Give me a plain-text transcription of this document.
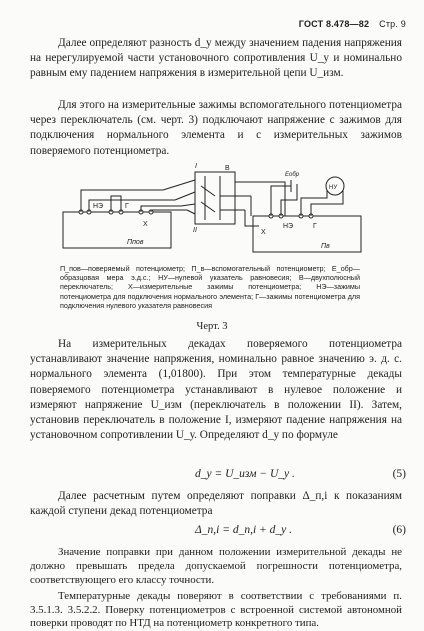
ГОСТ 8.478—82 Стр. 9
Далее определяют разность d_у между значением падения напряжения на нерегулируемой части установочного сопротивления U_у и номинально равным ему падением напряжения в измерительной цепи U_изм.
Для этого на измерительные зажимы вспомогательного потенциометра через переключатель (см. черт. 3) подключают напряжение с зажимов для подключения нормального элемента и с измерительных зажимов поверяемого потенциометра.
НЭ	Г
Х
Ппов
Х
НЭ	Г
Пв
НУ
Еобр
В
I
II
П_пов—поверяемый потенциометр; П_в—вспомогательный потенциометр; Е_обр—образцовая мера э.д.с.; НУ—нулевой указатель равновесия; В—двухполюсный переключатель; Х—измерительные зажимы потенциометра; НЭ—зажимы потенциометра для подключения нормального элемента; Г—зажимы потенциометра для подключения нулевого указателя равновесия
Черт. 3
На измерительных декадах поверяемого потенциометра устанавливают значение напряжения, номинально равное значению э. д. с. нормального элемента (1,01800). При этом температурные декады поверяемого потенциометра устанавливают в нулевое положение и измеряют напряжение U_изм (переключатель в положении II). Затем, установив переключатель в положение I, измеряют падение напряжения на установочном сопротивлении U_у. Определяют d_у по формуле
d_у = U_изм − U_у .	(5)
Далее расчетным путем определяют поправки Δ_п,i к показаниям каждой ступени декад потенциометра
Δ_п,i = d_п,i + d_у .	(6)
Значение поправки при данном положении измерительной декады не должно превышать предела допускаемой погрешности потенциометра, соответствующего его классу точности.
Температурные декады поверяют в соответствии с требованиями п. 3.5.1.3. 3.5.2.2. Поверку потенциометров с встроенной системой автономной поверки проводят по НТД на потенциометр конкретного типа.
